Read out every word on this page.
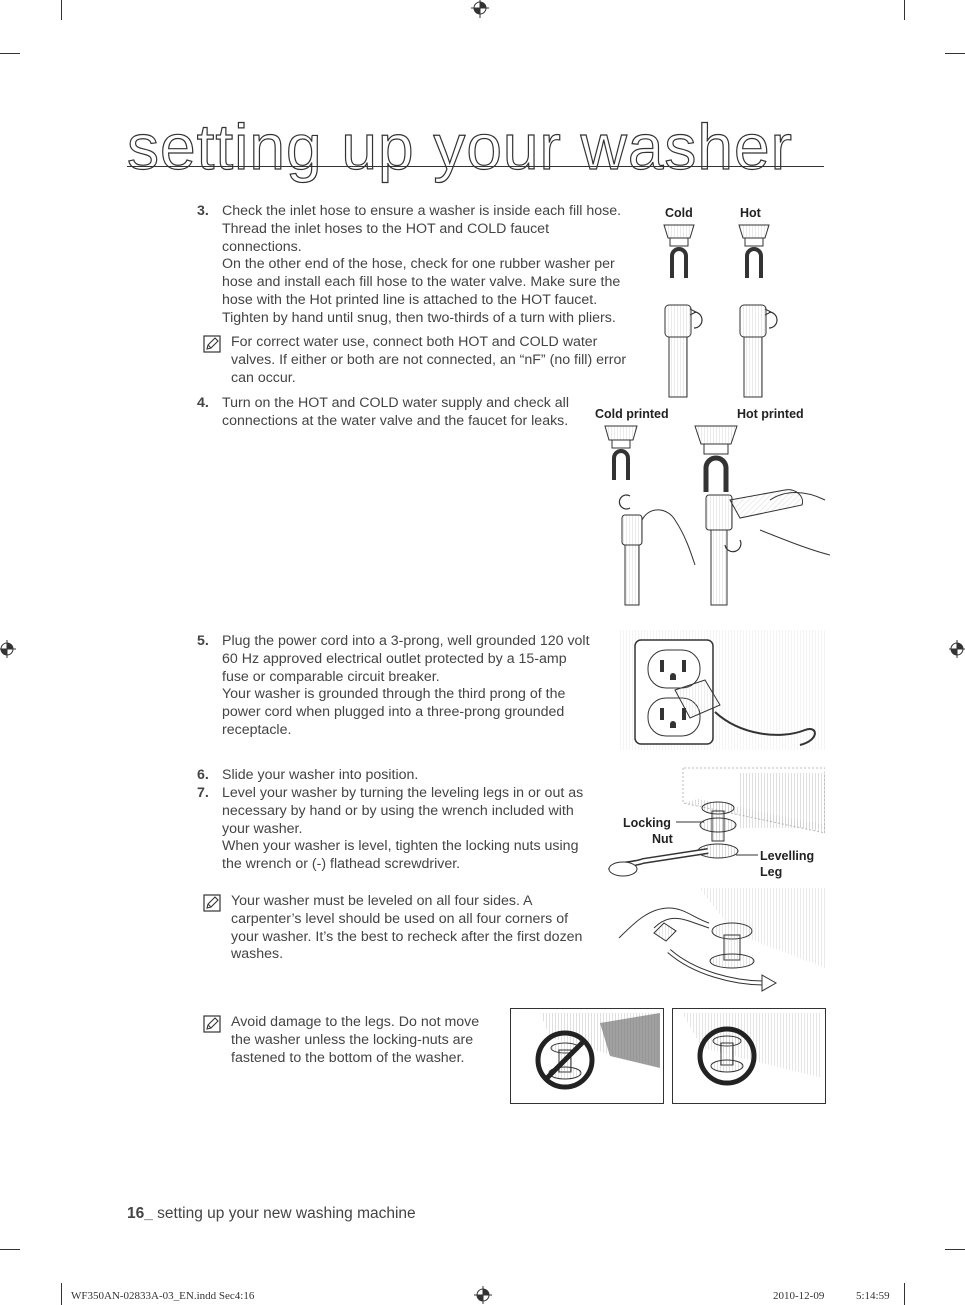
setting up your washer
3. Check the inlet hose to ensure a washer is inside each fill hose.
Thread the inlet hoses to the HOT and COLD faucet
connections.
On the other end of the hose, check for one rubber washer per
hose and install each fill hose to the water valve. Make sure the
hose with the Hot printed line is attached to the HOT faucet.
Tighten by hand until snug, then two-thirds of a turn with pliers.
For correct water use, connect both HOT and COLD water
valves. If either or both are not connected, an “nF” (no fill) error
can occur.
4. Turn on the HOT and COLD water supply and check all
connections at the water valve and the faucet for leaks.
Cold	Hot
Cold printed	Hot printed
5. Plug the power cord into a 3-prong, well grounded 120 volt
60 Hz approved electrical outlet protected by a 15-amp
fuse or comparable circuit breaker.
Your washer is grounded through the third prong of the
power cord when plugged into a three-prong grounded
receptacle.
6. Slide your washer into position.
7. Level your washer by turning the leveling legs in or out as
necessary by hand or by using the wrench included with
your washer.
When your washer is level, tighten the locking nuts using
the wrench or (-) flathead screwdriver.
Locking
Nut
Levelling
Leg
Your washer must be leveled on all four sides. A
carpenter’s level should be used on all four corners of
your washer. It’s the best to recheck after the first dozen
washes.
Avoid damage to the legs. Do not move
the washer unless the locking-nuts are
fastened to the bottom of the washer.
16_ setting up your new washing machine
WF350AN-02833A-03_EN.indd Sec4:16	2010-12-09	5:14:59
